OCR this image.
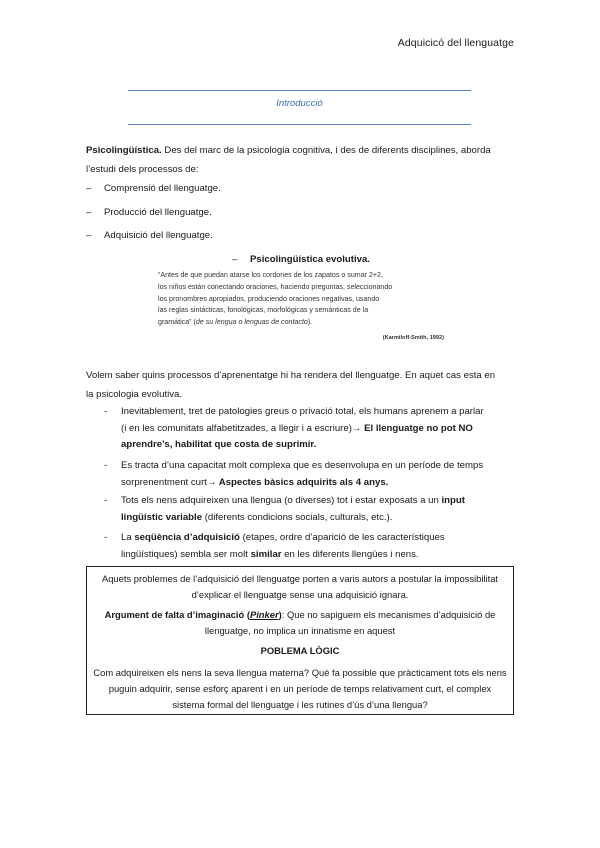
Adquicicó del llenguatge
Introducció

Psicolingüística. Des del marc de la psicologia cognitiva, i des de diferents disciplines, aborda

l’estudi dels processos de:

– Comprensió del llenguatge.
– Producció del llenguatge.
– Adquisició del llenguatge.
– Psicolingüística evolutiva.
“Antes de que puedan atarse los cordones de los zapatos o sumar 2+2,
los niños están conectando oraciones, haciendo preguntas, seleccionando
los pronombres apropiados, produciendo oraciones negativas, usando
las reglas sintácticas, fonológicas, morfológicas y semánticas de la
gramática” (de su lengua o lenguas de contacto).
(Karmiloff-Smith, 1992)

Volem saber quins processos d’aprenentatge hi ha rendera del llenguatge. En aquet cas esta en

la psicologia evolutiva.

- Inevitablement, tret de patologies greus o privació total, els humans aprenem a parlar
(i en les comunitats alfabetitzades, a llegir i a escriure)→ El llenguatge no pot NO
aprendre’s, habilitat que costa de suprimir.
- Es tracta d’una capacitat molt complexa que es desenvolupa en un període de temps
sorprenentment curt→ Aspectes bàsics adquirits als 4 anys.
- Tots els nens adquireixen una llengua (o diverses) tot i estar exposats a un input
lingüístic variable (diferents condicions socials, culturals, etc.).
- La seqüència d’adquisició (etapes, ordre d’aparició de les característiques
lingüístiques) sembla ser molt similar en les diferents llengües i nens.

Aquets problemes de l’adquisició del llenguatge porten a varis autors a postular la impossibilitat
d’explicar el llenguatge sense una adquisició ignara.

Argument de falta d’imaginació (Pinker): Que no sapiguem els mecanismes d’adquisició de
llenguatge, no implica un innatisme en aquest

POBLEMA LÒGIC

Com adquireixen els nens la seva llengua materna? Què fa possible que pràcticament tots els nens
puguin adquirir, sense esforç aparent i en un període de temps relativament curt, el complex
sistema formal del llenguatge i les rutines d’ús d’una llengua?
